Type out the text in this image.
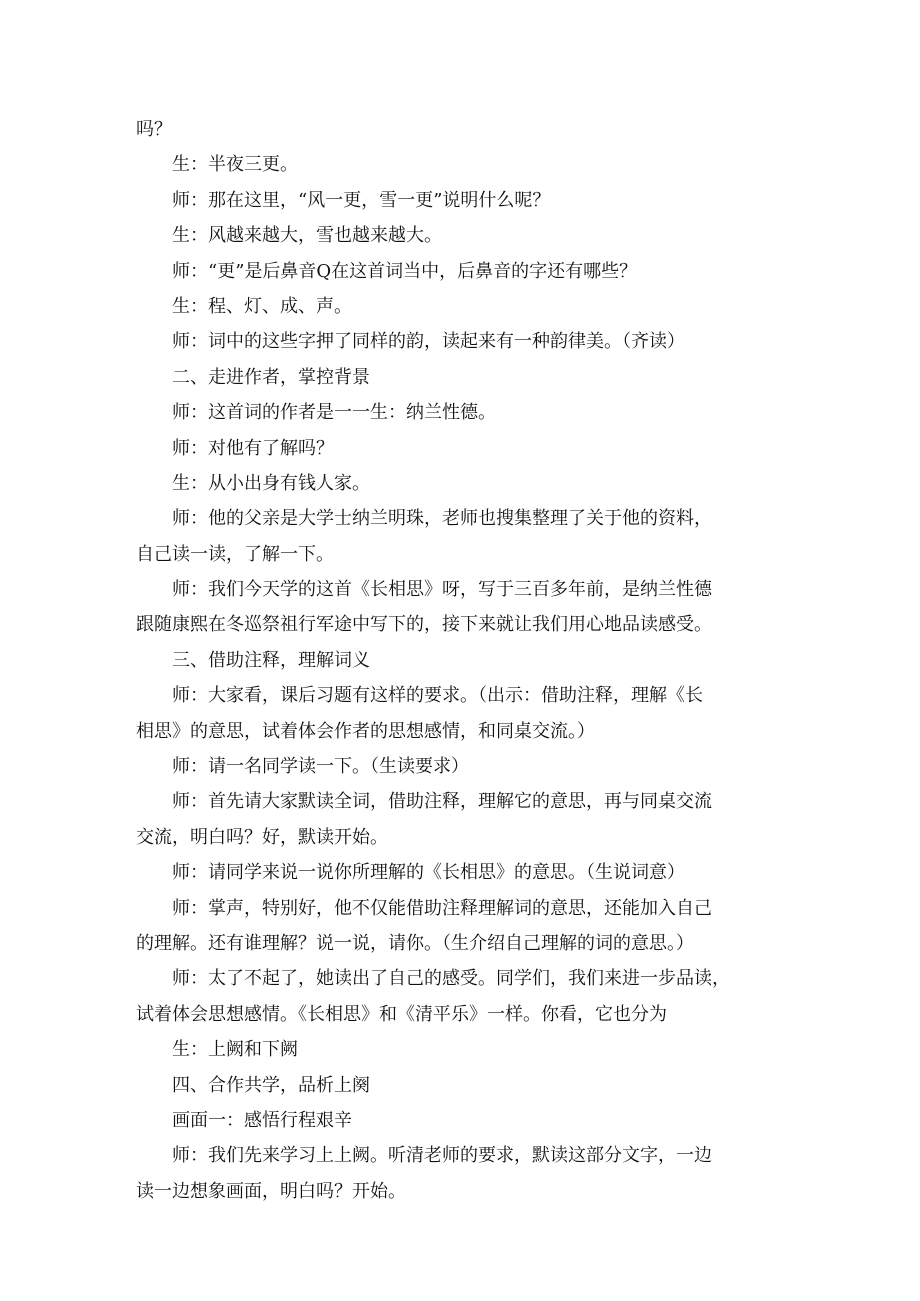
吗？
生：半夜三更。
师：那在这里，“风一更，雪一更”说明什么呢？
生：风越来越大，雪也越来越大。
师：“更”是后鼻音Q在这首词当中，后鼻音的字还有哪些？
生：程、灯、成、声。
师：词中的这些字押了同样的韵，读起来有一种韵律美。（齐读）
二、走进作者，掌控背景
师：这首词的作者是一一生：纳兰性德。
师：对他有了解吗？
生：从小出身有钱人家。
师：他的父亲是大学士纳兰明珠，老师也搜集整理了关于他的资料，
自己读一读，了解一下。
师：我们今天学的这首《长相思》呀，写于三百多年前，是纳兰性德
跟随康熙在冬巡祭祖行军途中写下的，接下来就让我们用心地品读感受。
三、借助注释，理解词义
师：大家看，课后习题有这样的要求。（出示：借助注释，理解《长
相思》的意思，试着体会作者的思想感情，和同桌交流。）
师：请一名同学读一下。（生读要求）
师：首先请大家默读全词，借助注释，理解它的意思，再与同桌交流
交流，明白吗？好，默读开始。
师：请同学来说一说你所理解的《长相思》的意思。（生说词意）
师：掌声，特别好，他不仅能借助注释理解词的意思，还能加入自己
的理解。还有谁理解？说一说，请你。（生介绍自己理解的词的意思。）
师：太了不起了，她读出了自己的感受。同学们，我们来进一步品读，
试着体会思想感情。《长相思》和《清平乐》一样。你看，它也分为
生：上阙和下阙
四、合作共学，品析上阕
画面一：感悟行程艰辛
师：我们先来学习上上阙。听清老师的要求，默读这部分文字，一边
读一边想象画面，明白吗？开始。
